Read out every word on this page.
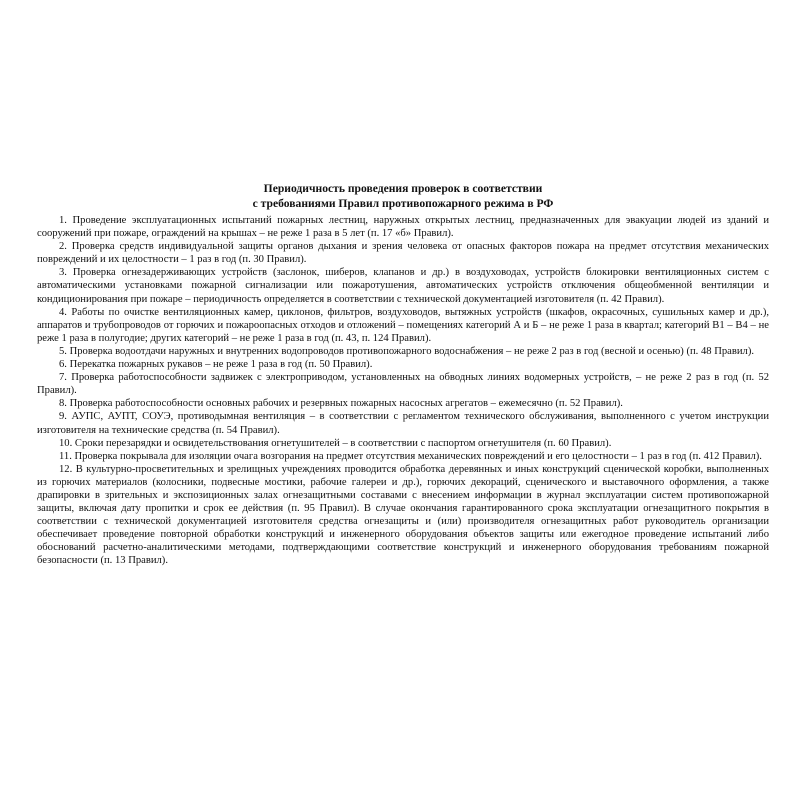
Периодичность проведения проверок в соответствии
с требованиями Правил противопожарного режима в РФ

1. Проведение эксплуатационных испытаний пожарных лестниц, наружных открытых лестниц, предназначенных для эвакуации людей из зданий и сооружений при пожаре, ограждений на крышах – не реже 1 раза в 5 лет (п. 17 «б» Правил).

2. Проверка средств индивидуальной защиты органов дыхания и зрения человека от опасных факторов пожара на предмет отсутствия механических повреждений и их целостности – 1 раз в год (п. 30 Правил).

3. Проверка огнезадерживающих устройств (заслонок, шиберов, клапанов и др.) в воздуховодах, устройств блокировки вентиляционных систем с автоматическими установками пожарной сигнализации или пожаротушения, автоматических устройств отключения общеобменной вентиляции и кондиционирования при пожаре – периодичность определяется в соответствии с технической документацией изготовителя (п. 42 Правил).

4. Работы по очистке вентиляционных камер, циклонов, фильтров, воздуховодов, вытяжных устройств (шкафов, окрасочных, сушильных камер и др.), аппаратов и трубопроводов от горючих и пожароопасных отходов и отложений – помещениях категорий А и Б – не реже 1 раза в квартал; категорий В1 – В4 – не реже 1 раза в полугодие; других категорий – не реже 1 раза в год (п. 43, п. 124 Правил).

5. Проверка водоотдачи наружных и внутренних водопроводов противопожарного водоснабжения – не реже 2 раз в год (весной и осенью) (п. 48 Правил).

6. Перекатка пожарных рукавов – не реже 1 раза в год (п. 50 Правил).

7. Проверка работоспособности задвижек с электроприводом, установленных на обводных линиях водомерных устройств, – не реже 2 раз в год (п. 52 Правил).

8. Проверка работоспособности основных рабочих и резервных пожарных насосных агрегатов – ежемесячно (п. 52 Правил).

9. АУПС, АУПТ, СОУЭ, противодымная вентиляция – в соответствии с регламентом технического обслуживания, выполненного с учетом инструкции изготовителя на технические средства (п. 54 Правил).

10. Сроки перезарядки и освидетельствования огнетушителей – в соответствии с паспортом огнетушителя (п. 60 Правил).

11. Проверка покрывала для изоляции очага возгорания на предмет отсутствия механических повреждений и его целостности – 1 раз в год (п. 412 Правил).

12. В культурно-просветительных и зрелищных учреждениях проводится обработка деревянных и иных конструкций сценической коробки, выполненных из горючих материалов (колосники, подвесные мостики, рабочие галереи и др.), горючих декораций, сценического и выставочного оформления, а также драпировки в зрительных и экспозиционных залах огнезащитными составами с внесением информации в журнал эксплуатации систем противопожарной защиты, включая дату пропитки и срок ее действия (п. 95 Правил). В случае окончания гарантированного срока эксплуатации огнезащитного покрытия в соответствии с технической документацией изготовителя средства огнезащиты и (или) производителя огнезащитных работ руководитель организации обеспечивает проведение повторной обработки конструкций и инженерного оборудования объектов защиты или ежегодное проведение испытаний либо обоснований расчетно-аналитическими методами, подтверждающими соответствие конструкций и инженерного оборудования требованиям пожарной безопасности (п. 13 Правил).
